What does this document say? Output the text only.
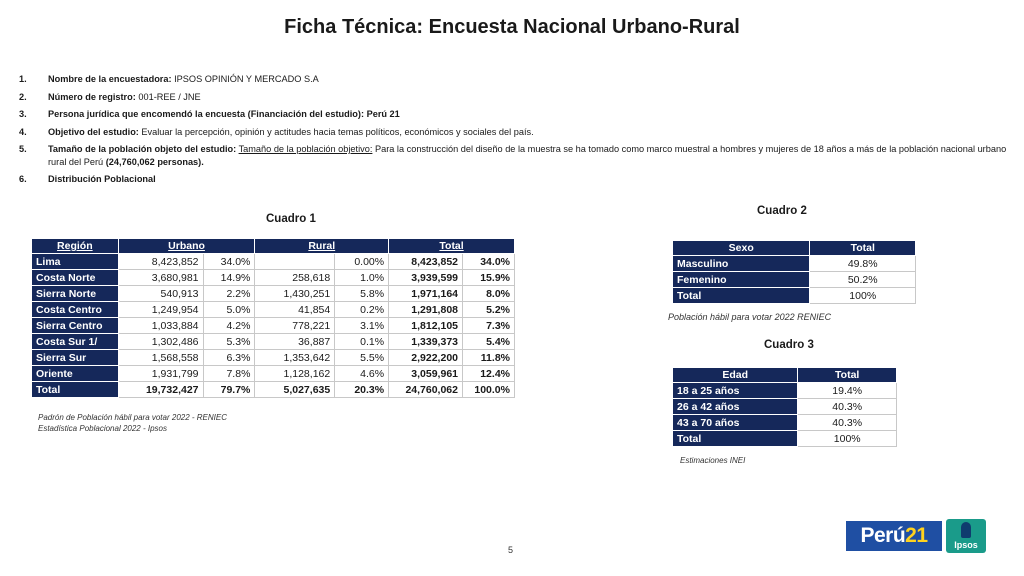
Ficha Técnica: Encuesta Nacional Urbano-Rural
1.	Nombre de la encuestadora: IPSOS OPINIÓN Y MERCADO S.A
2.	Número de registro: 001-REE / JNE
3.	Persona jurídica que encomendó la encuesta (Financiación del estudio): Perú 21
4.	Objetivo del estudio: Evaluar la percepción, opinión y actitudes hacia temas políticos, económicos y sociales del país.
5.	Tamaño de la población objeto del estudio: Tamaño de la población objetivo: Para la construcción del diseño de la muestra se ha tomado como marco muestral a hombres y mujeres de 18 años a más de la población nacional urbano rural del Perú (24,760,062 personas).
6.	Distribución Poblacional
Cuadro 1
Región	Urbano		Rural		Total	
Lima	8,423,852	34.0%		0.00%	8,423,852	34.0%
Costa Norte	3,680,981	14.9%	258,618	1.0%	3,939,599	15.9%
Sierra Norte	540,913	2.2%	1,430,251	5.8%	1,971,164	8.0%
Costa Centro	1,249,954	5.0%	41,854	0.2%	1,291,808	5.2%
Sierra Centro	1,033,884	4.2%	778,221	3.1%	1,812,105	7.3%
Costa Sur 1/	1,302,486	5.3%	36,887	0.1%	1,339,373	5.4%
Sierra Sur	1,568,558	6.3%	1,353,642	5.5%	2,922,200	11.8%
Oriente	1,931,799	7.8%	1,128,162	4.6%	3,059,961	12.4%
Total	19,732,427	79.7%	5,027,635	20.3%	24,760,062	100.0%
Padrón de Población hábil para votar 2022 - RENIEC
Estadística Poblacional 2022 - Ipsos
Cuadro 2
Sexo	Total
Masculino	49.8%
Femenino	50.2%
Total	100%
Población hábil para votar 2022 RENIEC
Cuadro 3
Edad	Total
18 a 25 años	19.4%
26 a 42 años	40.3%
43 a 70 años	40.3%
Total	100%
Estimaciones INEI
5
Perú 21	Ipsos
